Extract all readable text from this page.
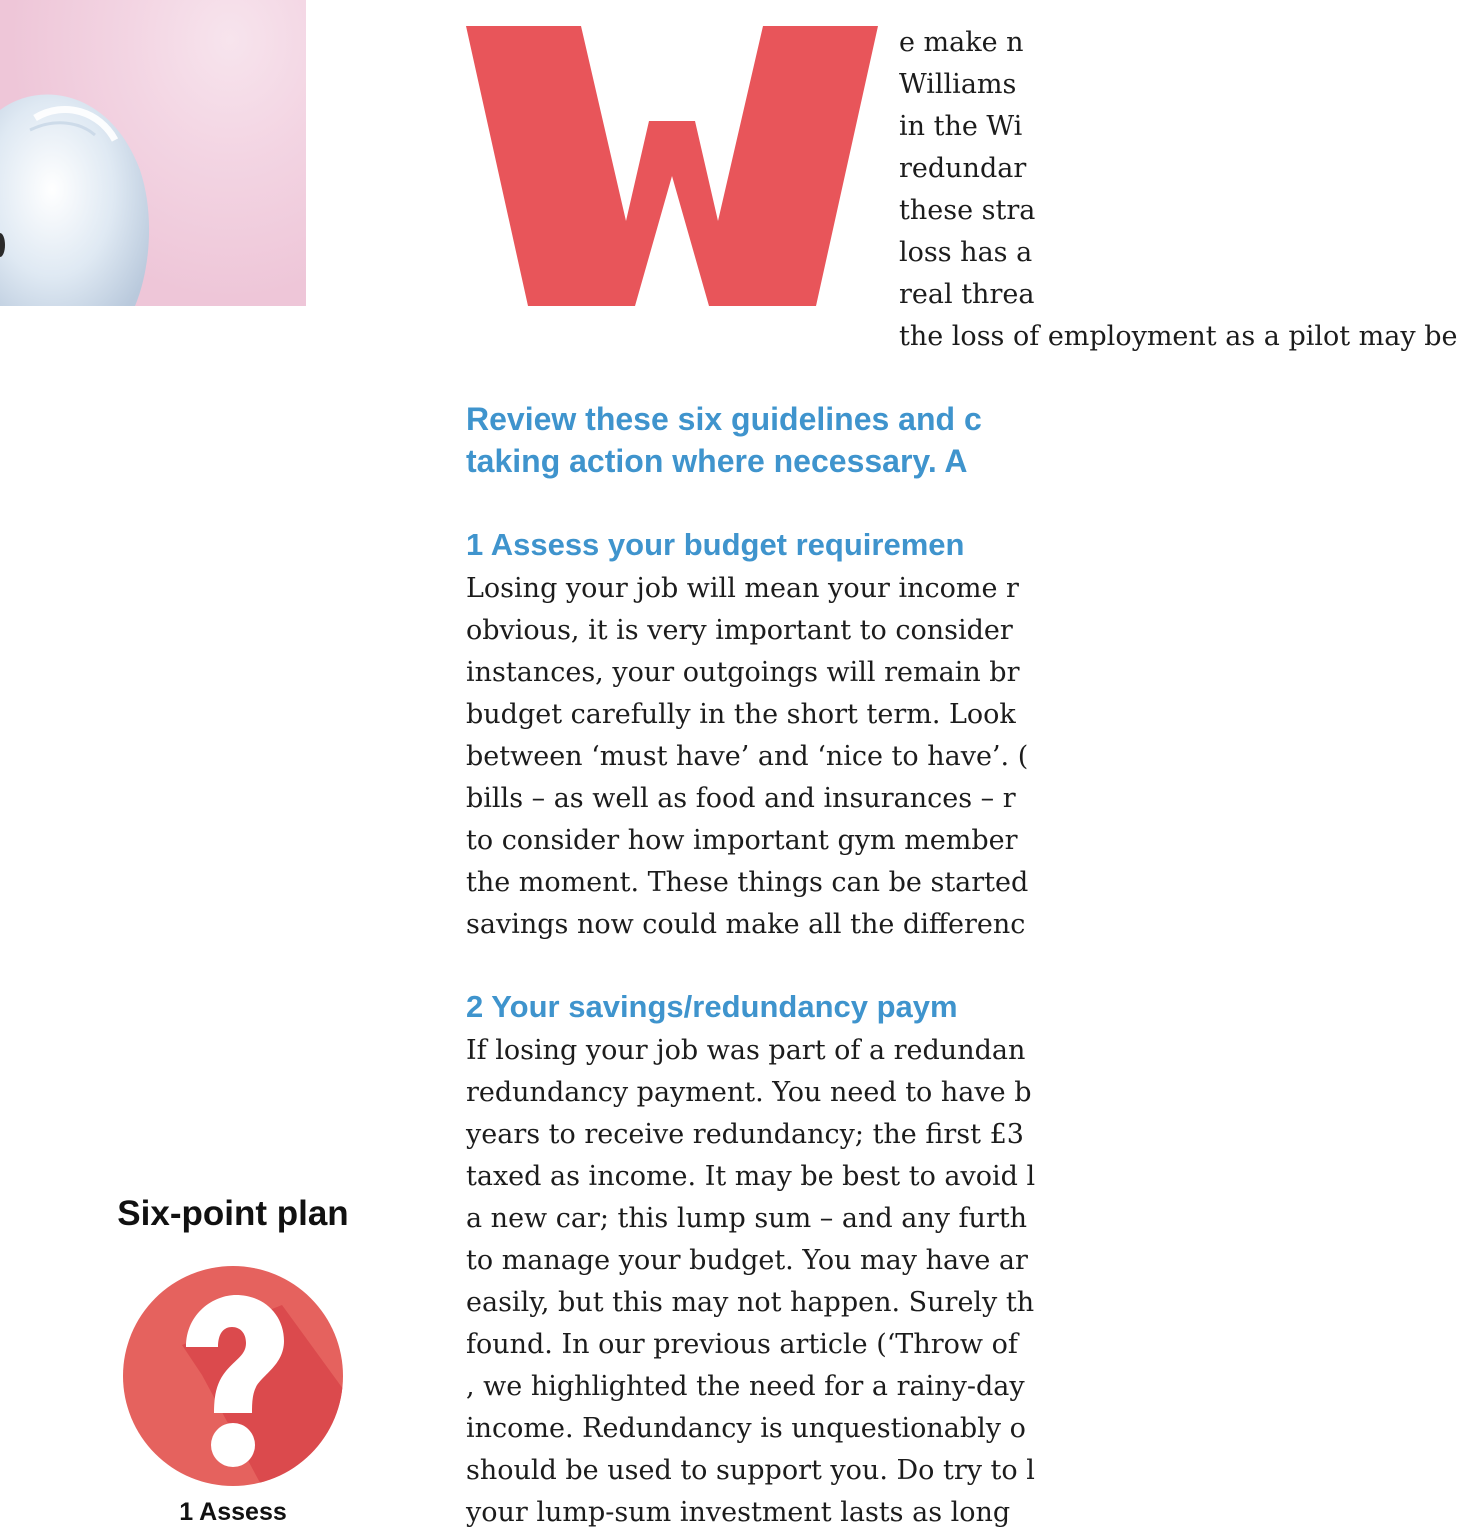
e make n
Williams
in the Wi
redundar
these stra
loss has a
real threa
the loss of employment as a pilot may be
Review these six guidelines and c
taking action where necessary. A
1 Assess your budget requiremen
Losing your job will mean your income r
obvious, it is very important to consider
instances, your outgoings will remain br
budget carefully in the short term. Look
between ‘must have’ and ‘nice to have’. (
bills – as well as food and insurances – r
to consider how important gym member
the moment. These things can be started
savings now could make all the differenc
2 Your savings/redundancy paym
If losing your job was part of a redundan
redundancy payment. You need to have b
years to receive redundancy; the first £3
taxed as income. It may be best to avoid l
a new car; this lump sum – and any furth
to manage your budget. You may have ar
easily, but this may not happen. Surely th
found. In our previous article (‘Throw of
, we highlighted the need for a rainy-day
income. Redundancy is unquestionably o
should be used to support you. Do try to l
your lump-sum investment lasts as long
Six-point plan
1 Assess
